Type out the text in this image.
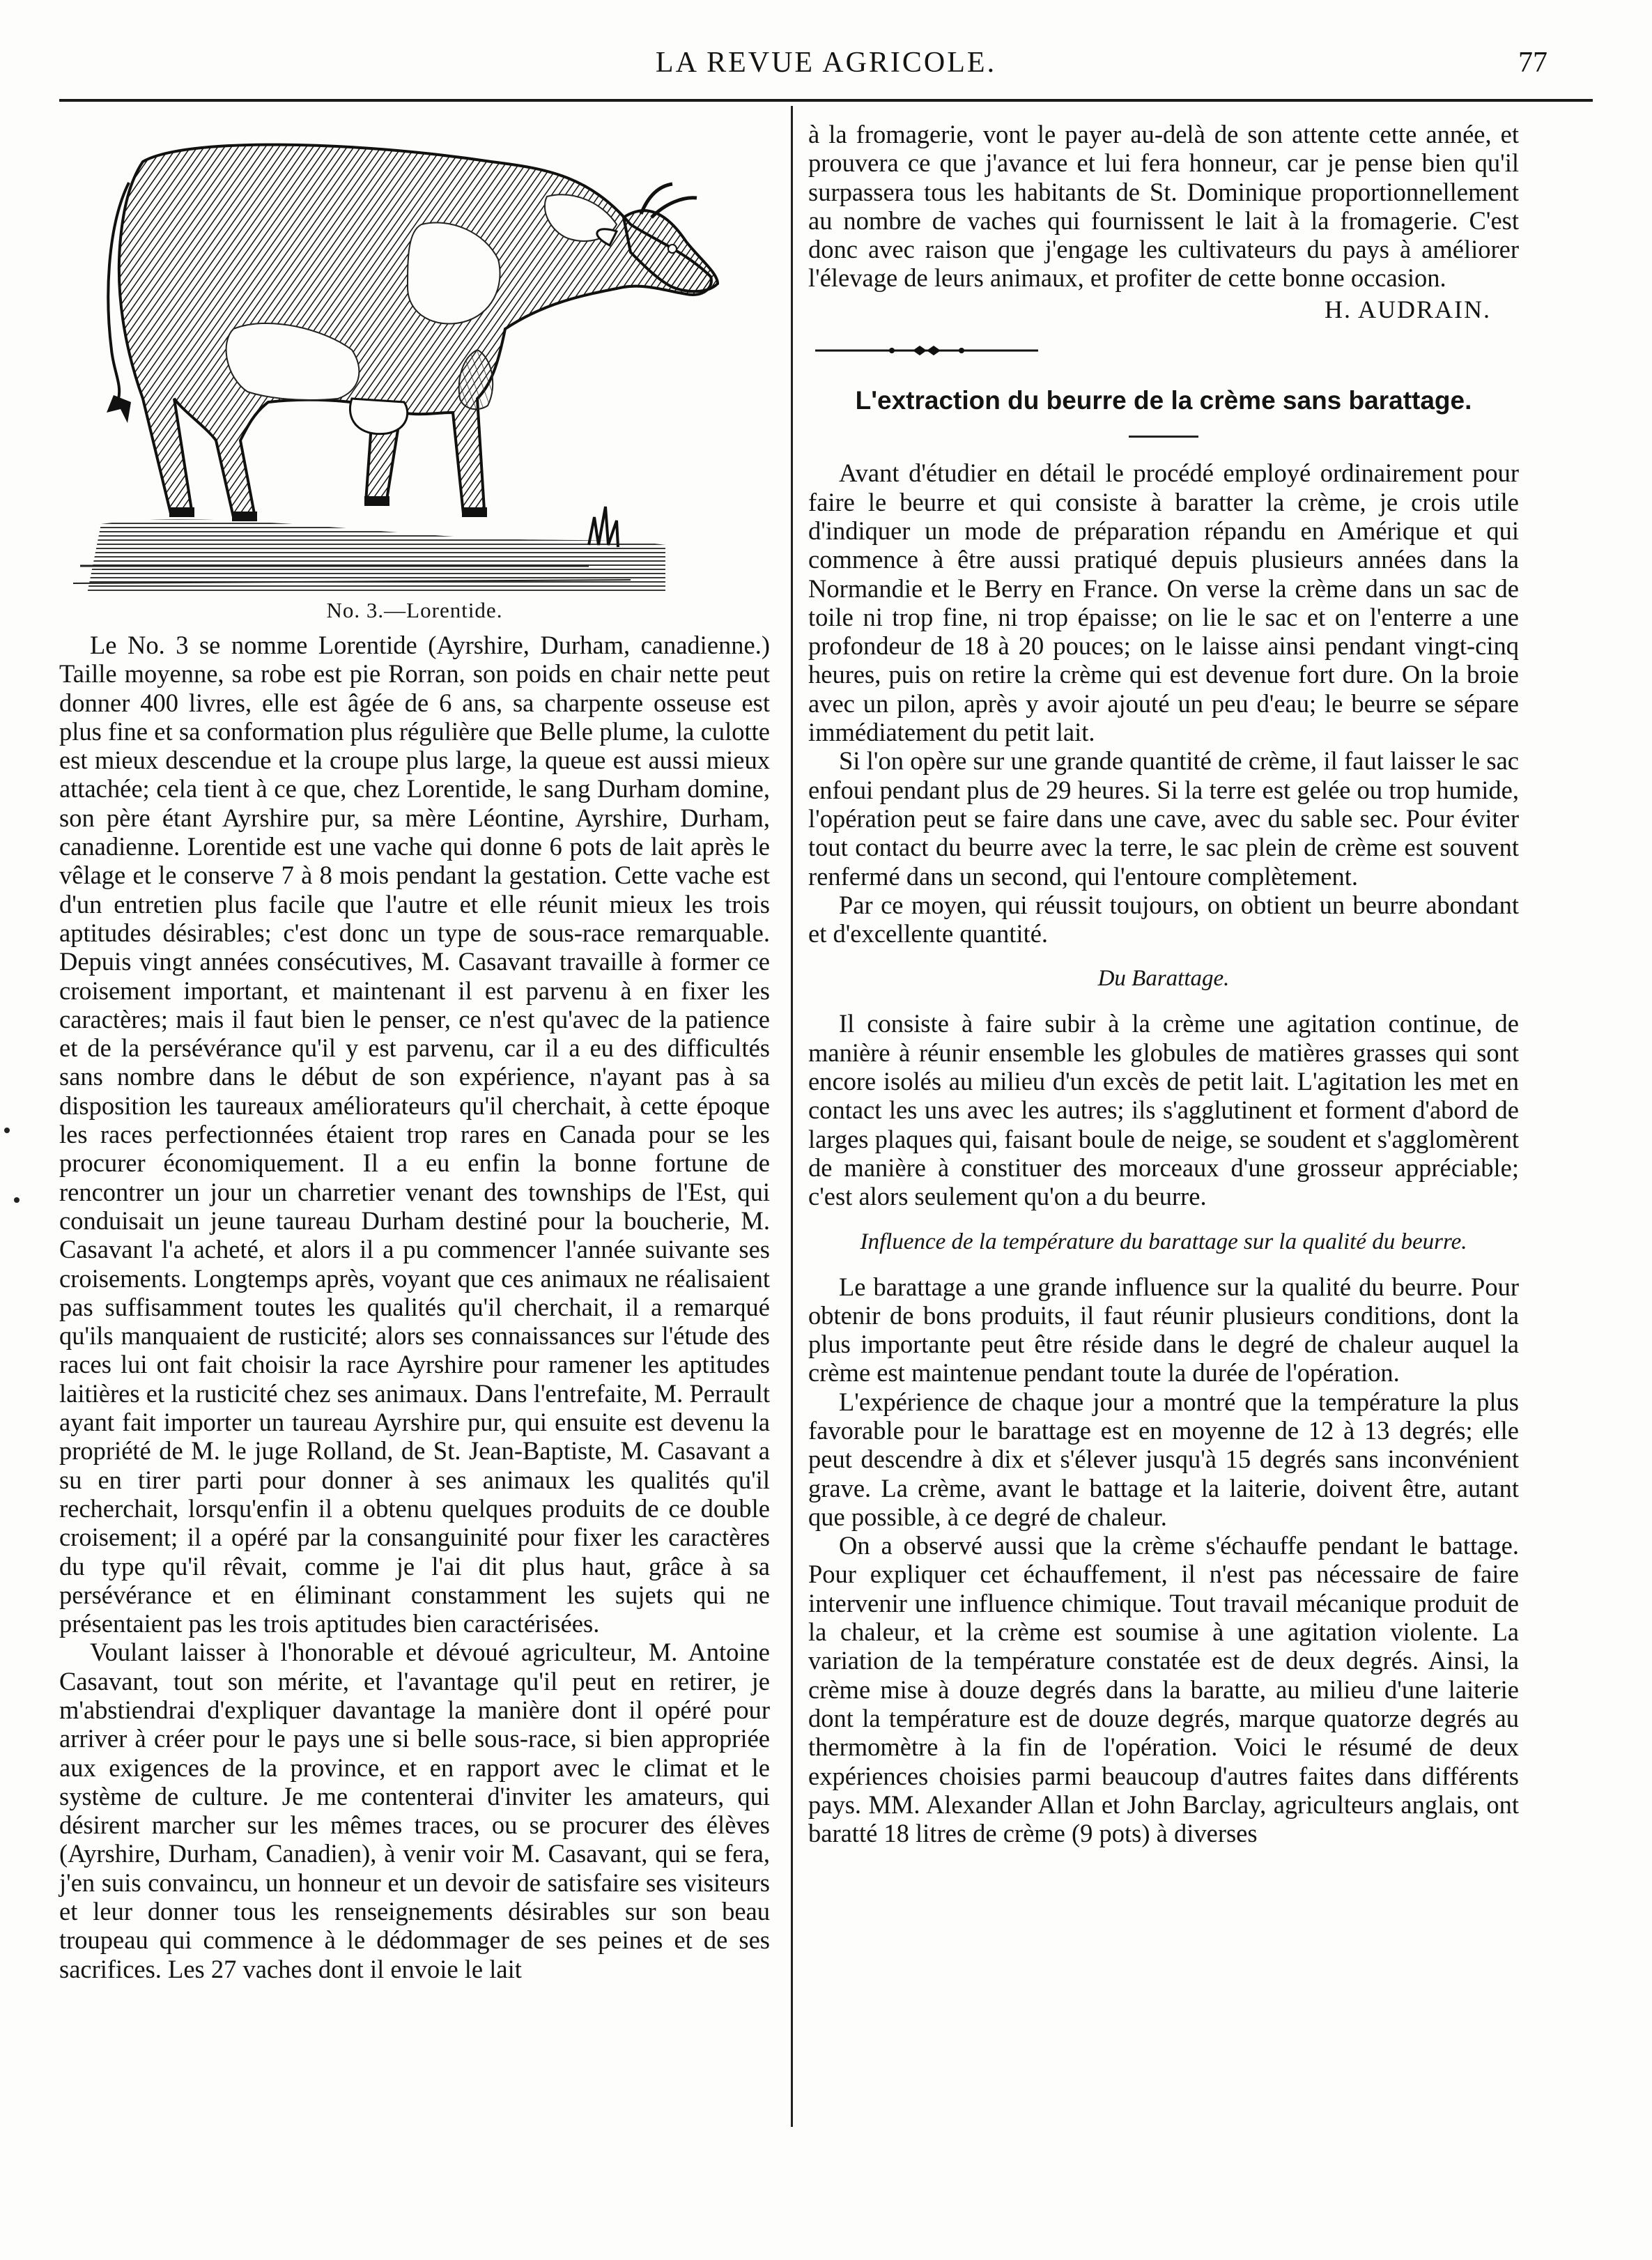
LA REVUE AGRICOLE.	77
No. 3.—Lorentide.

Le No. 3 se nomme Lorentide (Ayrshire, Durham, canadienne.) Taille moyenne, sa robe est pie Rorran, son poids en chair nette peut donner 400 livres, elle est âgée de 6 ans, sa charpente osseuse est plus fine et sa conformation plus régulière que Belle plume, la culotte est mieux descendue et la croupe plus large, la queue est aussi mieux attachée; cela tient à ce que, chez Lorentide, le sang Durham domine, son père étant Ayrshire pur, sa mère Léontine, Ayrshire, Durham, canadienne. Lorentide est une vache qui donne 6 pots de lait après le vêlage et le conserve 7 à 8 mois pendant la gestation. Cette vache est d'un entretien plus facile que l'autre et elle réunit mieux les trois aptitudes désirables; c'est donc un type de sous-race remarquable. Depuis vingt années consécutives, M. Casavant travaille à former ce croisement important, et maintenant il est parvenu à en fixer les caractères; mais il faut bien le penser, ce n'est qu'avec de la patience et de la persévérance qu'il y est parvenu, car il a eu des difficultés sans nombre dans le début de son expérience, n'ayant pas à sa disposition les taureaux améliorateurs qu'il cherchait, à cette époque les races perfectionnées étaient trop rares en Canada pour se les procurer économiquement. Il a eu enfin la bonne fortune de rencontrer un jour un charretier venant des townships de l'Est, qui conduisait un jeune taureau Durham destiné pour la boucherie, M. Casavant l'a acheté, et alors il a pu commencer l'année suivante ses croisements. Longtemps après, voyant que ces animaux ne réalisaient pas suffisamment toutes les qualités qu'il cherchait, il a remarqué qu'ils manquaient de rusticité; alors ses connaissances sur l'étude des races lui ont fait choisir la race Ayrshire pour ramener les aptitudes laitières et la rusticité chez ses animaux. Dans l'entrefaite, M. Perrault ayant fait importer un taureau Ayrshire pur, qui ensuite est devenu la propriété de M. le juge Rolland, de St. Jean-Baptiste, M. Casavant a su en tirer parti pour donner à ses animaux les qualités qu'il recherchait, lorsqu'enfin il a obtenu quelques produits de ce double croisement; il a opéré par la consanguinité pour fixer les caractères du type qu'il rêvait, comme je l'ai dit plus haut, grâce à sa persévérance et en éliminant constamment les sujets qui ne présentaient pas les trois aptitudes bien caractérisées.

Voulant laisser à l'honorable et dévoué agriculteur, M. Antoine Casavant, tout son mérite, et l'avantage qu'il peut en retirer, je m'abstiendrai d'expliquer davantage la manière dont il opéré pour arriver à créer pour le pays une si belle sous-race, si bien appropriée aux exigences de la province, et en rapport avec le climat et le système de culture. Je me contenterai d'inviter les amateurs, qui désirent marcher sur les mêmes traces, ou se procurer des élèves (Ayrshire, Durham, Canadien), à venir voir M. Casavant, qui se fera, j'en suis convaincu, un honneur et un devoir de satisfaire ses visiteurs et leur donner tous les renseignements désirables sur son beau troupeau qui commence à le dédommager de ses peines et de ses sacrifices. Les 27 vaches dont il envoie le lait

à la fromagerie, vont le payer au-delà de son attente cette année, et prouvera ce que j'avance et lui fera honneur, car je pense bien qu'il surpassera tous les habitants de St. Dominique proportionnellement au nombre de vaches qui fournissent le lait à la fromagerie. C'est donc avec raison que j'engage les cultivateurs du pays à améliorer l'élevage de leurs animaux, et profiter de cette bonne occasion.

H. AUDRAIN.
L'extraction du beurre de la crème sans barattage.

Avant d'étudier en détail le procédé employé ordinairement pour faire le beurre et qui consiste à baratter la crème, je crois utile d'indiquer un mode de préparation répandu en Amérique et qui commence à être aussi pratiqué depuis plusieurs années dans la Normandie et le Berry en France. On verse la crème dans un sac de toile ni trop fine, ni trop épaisse; on lie le sac et on l'enterre a une profondeur de 18 à 20 pouces; on le laisse ainsi pendant vingt-cinq heures, puis on retire la crème qui est devenue fort dure. On la broie avec un pilon, après y avoir ajouté un peu d'eau; le beurre se sépare immédiatement du petit lait.

Si l'on opère sur une grande quantité de crème, il faut laisser le sac enfoui pendant plus de 29 heures. Si la terre est gelée ou trop humide, l'opération peut se faire dans une cave, avec du sable sec. Pour éviter tout contact du beurre avec la terre, le sac plein de crème est souvent renfermé dans un second, qui l'entoure complètement.

Par ce moyen, qui réussit toujours, on obtient un beurre abondant et d'excellente quantité.

Du Barattage.

Il consiste à faire subir à la crème une agitation continue, de manière à réunir ensemble les globules de matières grasses qui sont encore isolés au milieu d'un excès de petit lait. L'agitation les met en contact les uns avec les autres; ils s'agglutinent et forment d'abord de larges plaques qui, faisant boule de neige, se soudent et s'agglomèrent de manière à constituer des morceaux d'une grosseur appréciable; c'est alors seulement qu'on a du beurre.

Influence de la température du barattage sur la qualité du beurre.

Le barattage a une grande influence sur la qualité du beurre. Pour obtenir de bons produits, il faut réunir plusieurs conditions, dont la plus importante peut être réside dans le degré de chaleur auquel la crème est maintenue pendant toute la durée de l'opération.

L'expérience de chaque jour a montré que la température la plus favorable pour le barattage est en moyenne de 12 à 13 degrés; elle peut descendre à dix et s'élever jusqu'à 15 degrés sans inconvénient grave. La crème, avant le battage et la laiterie, doivent être, autant que possible, à ce degré de chaleur.

On a observé aussi que la crème s'échauffe pendant le battage. Pour expliquer cet échauffement, il n'est pas nécessaire de faire intervenir une influence chimique. Tout travail mécanique produit de la chaleur, et la crème est soumise à une agitation violente. La variation de la température constatée est de deux degrés. Ainsi, la crème mise à douze degrés dans la baratte, au milieu d'une laiterie dont la température est de douze degrés, marque quatorze degrés au thermomètre à la fin de l'opération. Voici le résumé de deux expériences choisies parmi beaucoup d'autres faites dans différents pays. MM. Alexander Allan et John Barclay, agriculteurs anglais, ont baratté 18 litres de crème (9 pots) à diverses
